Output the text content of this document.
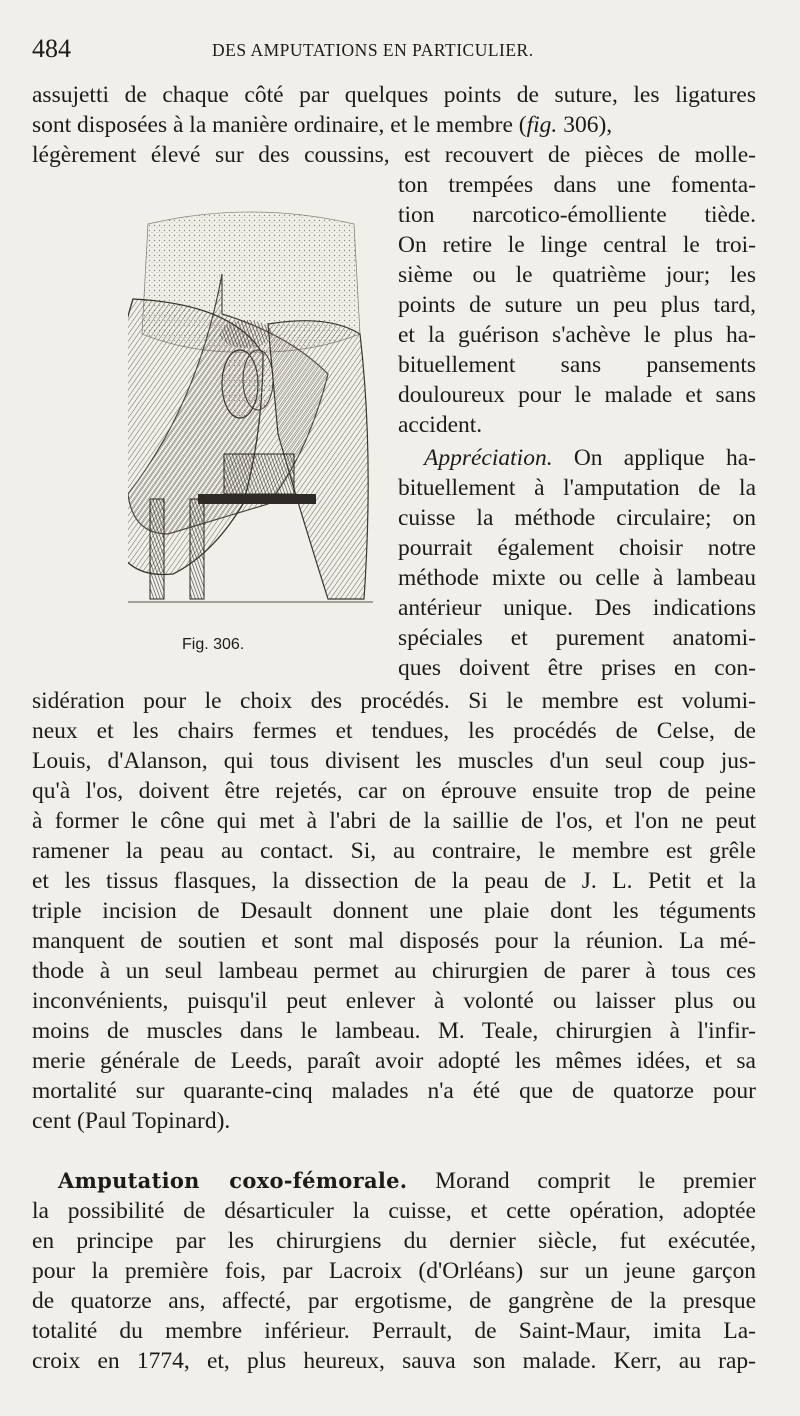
484	DES AMPUTATIONS EN PARTICULIER.
assujetti de chaque côté par quelques points de suture, les ligatures
sont disposées à la manière ordinaire, et le membre (fig. 306),
légèrement élevé sur des coussins, est recouvert de pièces de molle-
Fig. 306.
ton trempées dans une fomenta-
tion narcotico-émolliente tiède.
On retire le linge central le troi-
sième ou le quatrième jour; les
points de suture un peu plus tard,
et la guérison s'achève le plus ha-
bituellement sans pansements
douloureux pour le malade et sans
accident.
Appréciation. On applique ha-
bituellement à l'amputation de la
cuisse la méthode circulaire; on
pourrait également choisir notre
méthode mixte ou celle à lambeau
antérieur unique. Des indications
spéciales et purement anatomi-
ques doivent être prises en con-
sidération pour le choix des procédés. Si le membre est volumi-
neux et les chairs fermes et tendues, les procédés de Celse, de
Louis, d'Alanson, qui tous divisent les muscles d'un seul coup jus-
qu'à l'os, doivent être rejetés, car on éprouve ensuite trop de peine
à former le cône qui met à l'abri de la saillie de l'os, et l'on ne peut
ramener la peau au contact. Si, au contraire, le membre est grêle
et les tissus flasques, la dissection de la peau de J. L. Petit et la
triple incision de Desault donnent une plaie dont les téguments
manquent de soutien et sont mal disposés pour la réunion. La mé-
thode à un seul lambeau permet au chirurgien de parer à tous ces
inconvénients, puisqu'il peut enlever à volonté ou laisser plus ou
moins de muscles dans le lambeau. M. Teale, chirurgien à l'infir-
merie générale de Leeds, paraît avoir adopté les mêmes idées, et sa
mortalité sur quarante-cinq malades n'a été que de quatorze pour
cent (Paul Topinard).
Amputation coxo-fémorale. Morand comprit le premier
la possibilité de désarticuler la cuisse, et cette opération, adoptée
en principe par les chirurgiens du dernier siècle, fut exécutée,
pour la première fois, par Lacroix (d'Orléans) sur un jeune garçon
de quatorze ans, affecté, par ergotisme, de gangrène de la presque
totalité du membre inférieur. Perrault, de Saint-Maur, imita La-
croix en 1774, et, plus heureux, sauva son malade. Kerr, au rap-
